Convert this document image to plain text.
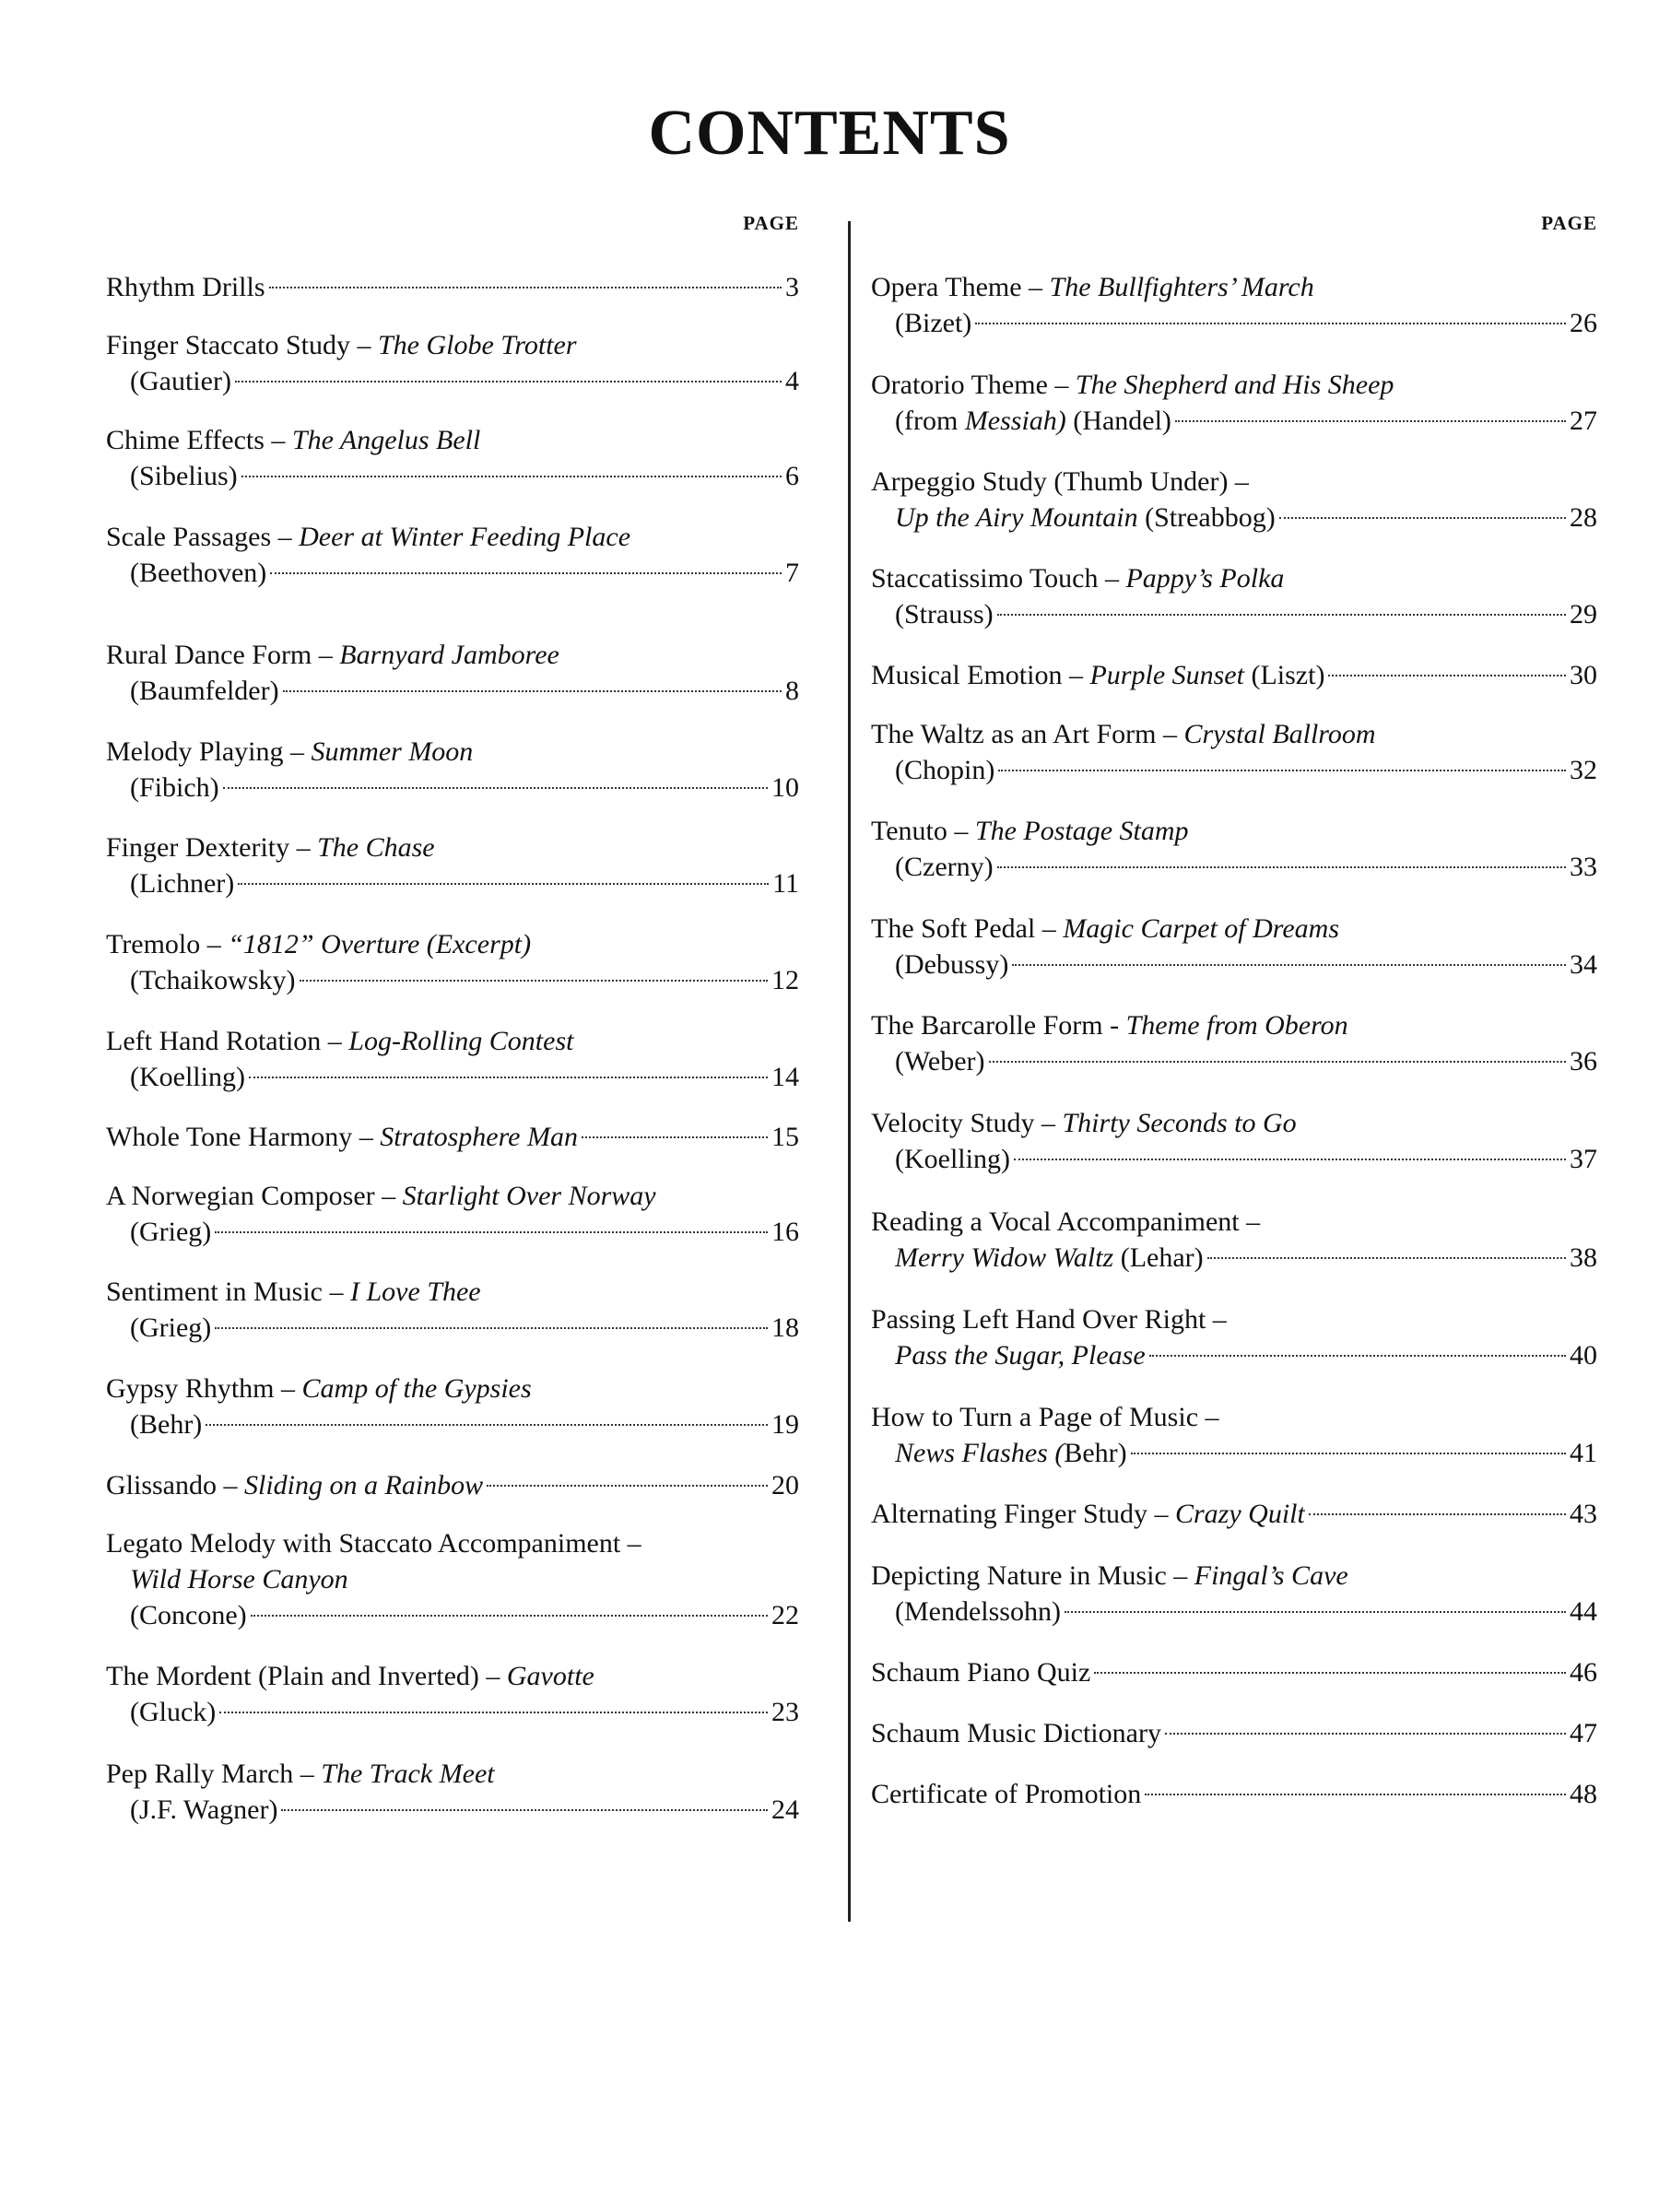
CONTENTS
PAGE
Rhythm Drills	3
Finger Staccato Study – The Globe Trotter
(Gautier)	4
Chime Effects – The Angelus Bell
(Sibelius)	6
Scale Passages – Deer at Winter Feeding Place
(Beethoven)	7
Rural Dance Form – Barnyard Jamboree
(Baumfelder)	8
Melody Playing – Summer Moon
(Fibich)	10
Finger Dexterity – The Chase
(Lichner)	11
Tremolo – “1812” Overture (Excerpt)
(Tchaikowsky)	12
Left Hand Rotation – Log-Rolling Contest
(Koelling)	14
Whole Tone Harmony – Stratosphere Man	15
A Norwegian Composer – Starlight Over Norway
(Grieg)	16
Sentiment in Music – I Love Thee
(Grieg)	18
Gypsy Rhythm – Camp of the Gypsies
(Behr)	19
Glissando – Sliding on a Rainbow	20
Legato Melody with Staccato Accompaniment –
Wild Horse Canyon
(Concone)	22
The Mordent (Plain and Inverted) – Gavotte
(Gluck)	23
Pep Rally March – The Track Meet
(J.F. Wagner)	24
PAGE
Opera Theme – The Bullfighters’ March
(Bizet)	26
Oratorio Theme – The Shepherd and His Sheep
(from Messiah) (Handel)	27
Arpeggio Study (Thumb Under) –
Up the Airy Mountain (Streabbog)	28
Staccatissimo Touch – Pappy’s Polka
(Strauss)	29
Musical Emotion – Purple Sunset (Liszt)	30
The Waltz as an Art Form – Crystal Ballroom
(Chopin)	32
Tenuto – The Postage Stamp
(Czerny)	33
The Soft Pedal – Magic Carpet of Dreams
(Debussy)	34
The Barcarolle Form - Theme from Oberon
(Weber)	36
Velocity Study – Thirty Seconds to Go
(Koelling)	37
Reading a Vocal Accompaniment –
Merry Widow Waltz (Lehar)	38
Passing Left Hand Over Right –
Pass the Sugar, Please	40
How to Turn a Page of Music –
News Flashes (Behr)	41
Alternating Finger Study – Crazy Quilt	43
Depicting Nature in Music – Fingal’s Cave
(Mendelssohn)	44
Schaum Piano Quiz	46
Schaum Music Dictionary	47
Certificate of Promotion	48
